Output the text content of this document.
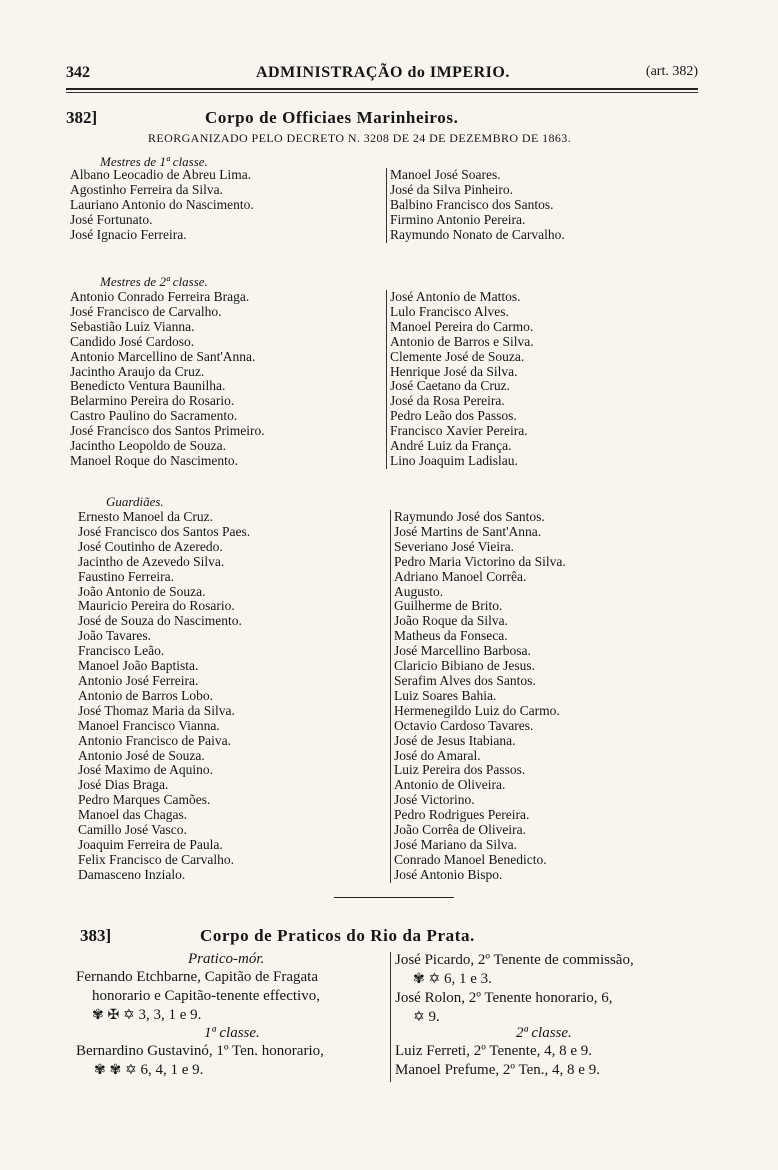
342	ADMINISTRAÇÃO do IMPERIO.	(art. 382)
382]	Corpo de Officiaes Marinheiros.
REORGANIZADO PELO DECRETO N. 3208 DE 24 DE DEZEMBRO DE 1863.
Mestres de 1ª classe.
Albano Leocadio de Abreu Lima.
Agostinho Ferreira da Silva.
Lauriano Antonio do Nascimento.
José Fortunato.
José Ignacio Ferreira.
Manoel José Soares.
José da Silva Pinheiro.
Balbino Francisco dos Santos.
Firmino Antonio Pereira.
Raymundo Nonato de Carvalho.
Mestres de 2ª classe.
Antonio Conrado Ferreira Braga.
José Francisco de Carvalho.
Sebastião Luiz Vianna.
Candido José Cardoso.
Antonio Marcellino de Sant'Anna.
Jacintho Araujo da Cruz.
Benedicto Ventura Baunilha.
Belarmino Pereira do Rosario.
Castro Paulino do Sacramento.
José Francisco dos Santos Primeiro.
Jacintho Leopoldo de Souza.
Manoel Roque do Nascimento.
José Antonio de Mattos.
Lulo Francisco Alves.
Manoel Pereira do Carmo.
Antonio de Barros e Silva.
Clemente José de Souza.
Henrique José da Silva.
José Caetano da Cruz.
José da Rosa Pereira.
Pedro Leão dos Passos.
Francisco Xavier Pereira.
André Luiz da França.
Lino Joaquim Ladislau.
Guardiães.
Ernesto Manoel da Cruz.
José Francisco dos Santos Paes.
José Coutinho de Azeredo.
Jacintho de Azevedo Silva.
Faustino Ferreira.
João Antonio de Souza.
Mauricio Pereira do Rosario.
José de Souza do Nascimento.
João Tavares.
Francisco Leão.
Manoel João Baptista.
Antonio José Ferreira.
Antonio de Barros Lobo.
José Thomaz Maria da Silva.
Manoel Francisco Vianna.
Antonio Francisco de Paiva.
Antonio José de Souza.
José Maximo de Aquino.
José Dias Braga.
Pedro Marques Camões.
Manoel das Chagas.
Camillo José Vasco.
Joaquim Ferreira de Paula.
Felix Francisco de Carvalho.
Damasceno Inzialo.
Raymundo José dos Santos.
José Martins de Sant'Anna.
Severiano José Vieira.
Pedro Maria Victorino da Silva.
Adriano Manoel Corrêa.
Augusto.
Guilherme de Brito.
João Roque da Silva.
Matheus da Fonseca.
José Marcellino Barbosa.
Claricio Bibiano de Jesus.
Serafim Alves dos Santos.
Luiz Soares Bahia.
Hermenegildo Luiz do Carmo.
Octavio Cardoso Tavares.
José de Jesus Itabiana.
José do Amaral.
Luiz Pereira dos Passos.
Antonio de Oliveira.
José Victorino.
Pedro Rodrigues Pereira.
João Corrêa de Oliveira.
José Mariano da Silva.
Conrado Manoel Benedicto.
José Antonio Bispo.
383]	Corpo de Praticos do Rio da Prata.
Pratico-mór.
Fernando Etchbarne, Capitão de Fragata
honorario e Capitão-tenente effectivo,
✾ ✠ ✡ 3, 3, 1 e 9.
José Picardo, 2º Tenente de commissão,
✾ ✡ 6, 1 e 3.
José Rolon, 2º Tenente honorario, 6,
✡ 9.
1ª classe.
Bernardino Gustavinó, 1º Ten. honorario,
✾ ✾ ✡ 6, 4, 1 e 9.
2ª classe.
Luiz Ferreti, 2º Tenente, 4, 8 e 9.
Manoel Prefume, 2º Ten., 4, 8 e 9.
